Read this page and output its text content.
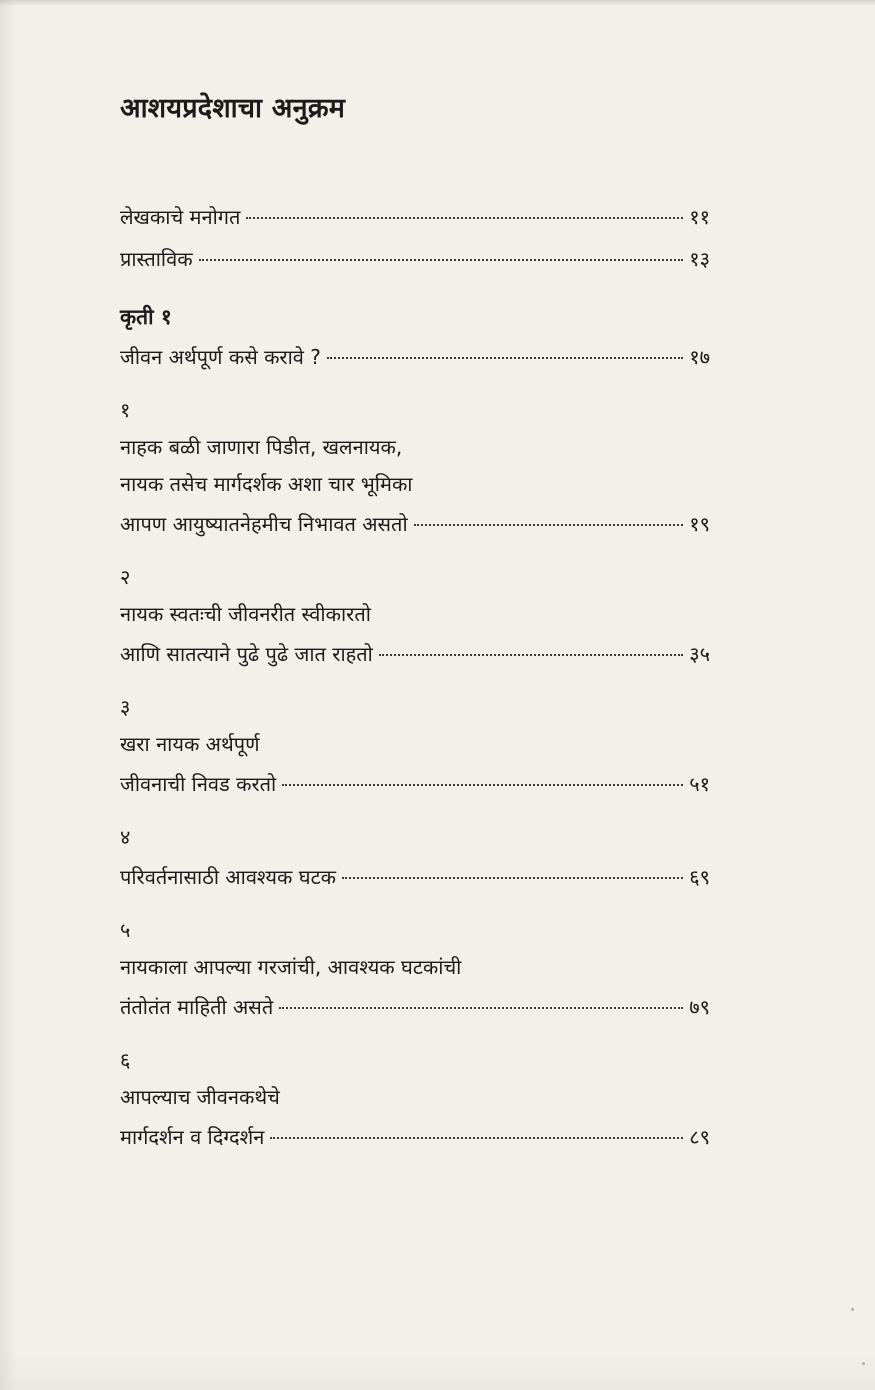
आशयप्रदेशाचा अनुक्रम
लेखकाचे मनोगत	११
प्रास्ताविक	१३
कृती १
जीवन अर्थपूर्ण कसे करावे ?	१७
१
नाहक बळी जाणारा पिडीत, खलनायक,
नायक तसेच मार्गदर्शक अशा चार भूमिका
आपण आयुष्यातनेहमीच निभावत असतो	१९
२
नायक स्वतःची जीवनरीत स्वीकारतो
आणि सातत्याने पुढे पुढे जात राहतो	३५
३
खरा नायक अर्थपूर्ण
जीवनाची निवड करतो	५१
४
परिवर्तनासाठी आवश्यक घटक	६९
५
नायकाला आपल्या गरजांची, आवश्यक घटकांची
तंतोतंत माहिती असते	७९
६
आपल्याच जीवनकथेचे
मार्गदर्शन व दिग्दर्शन	८९
